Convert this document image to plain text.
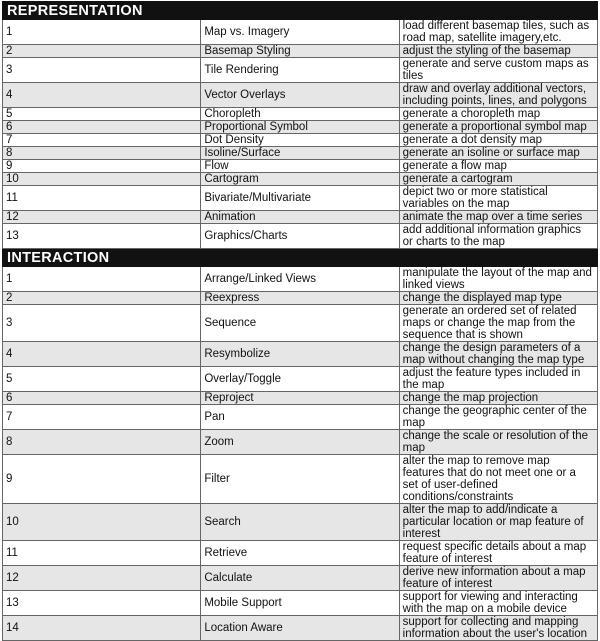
REPRESENTATION		
1	Map vs. Imagery	load different basemap tiles, such as road map, satellite imagery,etc.
2	Basemap Styling	adjust the styling of the basemap
3	Tile Rendering	generate and serve custom maps as tiles
4	Vector Overlays	draw and overlay additional vectors, including points, lines, and polygons
5	Choropleth	generate a choropleth map
6	Proportional Symbol	generate a proportional symbol map
7	Dot Density	generate a dot density map
8	Isoline/Surface	generate an isoline or surface map
9	Flow	generate a flow map
10	Cartogram	generate a cartogram
11	Bivariate/Multivariate	depict two or more statistical variables on the map
12	Animation	animate the map over a time series
13	Graphics/Charts	add additional information graphics or charts to the map
INTERACTION		
1	Arrange/Linked Views	manipulate the layout of the map and linked views
2	Reexpress	change the displayed map type
3	Sequence	generate an ordered set of related maps or change the map from the sequence that is shown
4	Resymbolize	change the design parameters of a map without changing the map type
5	Overlay/Toggle	adjust the feature types included in the map
6	Reproject	change the map projection
7	Pan	change the geographic center of the map
8	Zoom	change the scale or resolution of the map
9	Filter	alter the map to remove map features that do not meet one or a set of user-defined conditions/constraints
10	Search	alter the map to add/indicate a particular location or map feature of interest
11	Retrieve	request specific details about a map feature of interest
12	Calculate	derive new information about a map feature of interest
13	Mobile Support	support for viewing and interacting with the map on a mobile device
14	Location Aware	support for collecting and mapping information about the user's location
